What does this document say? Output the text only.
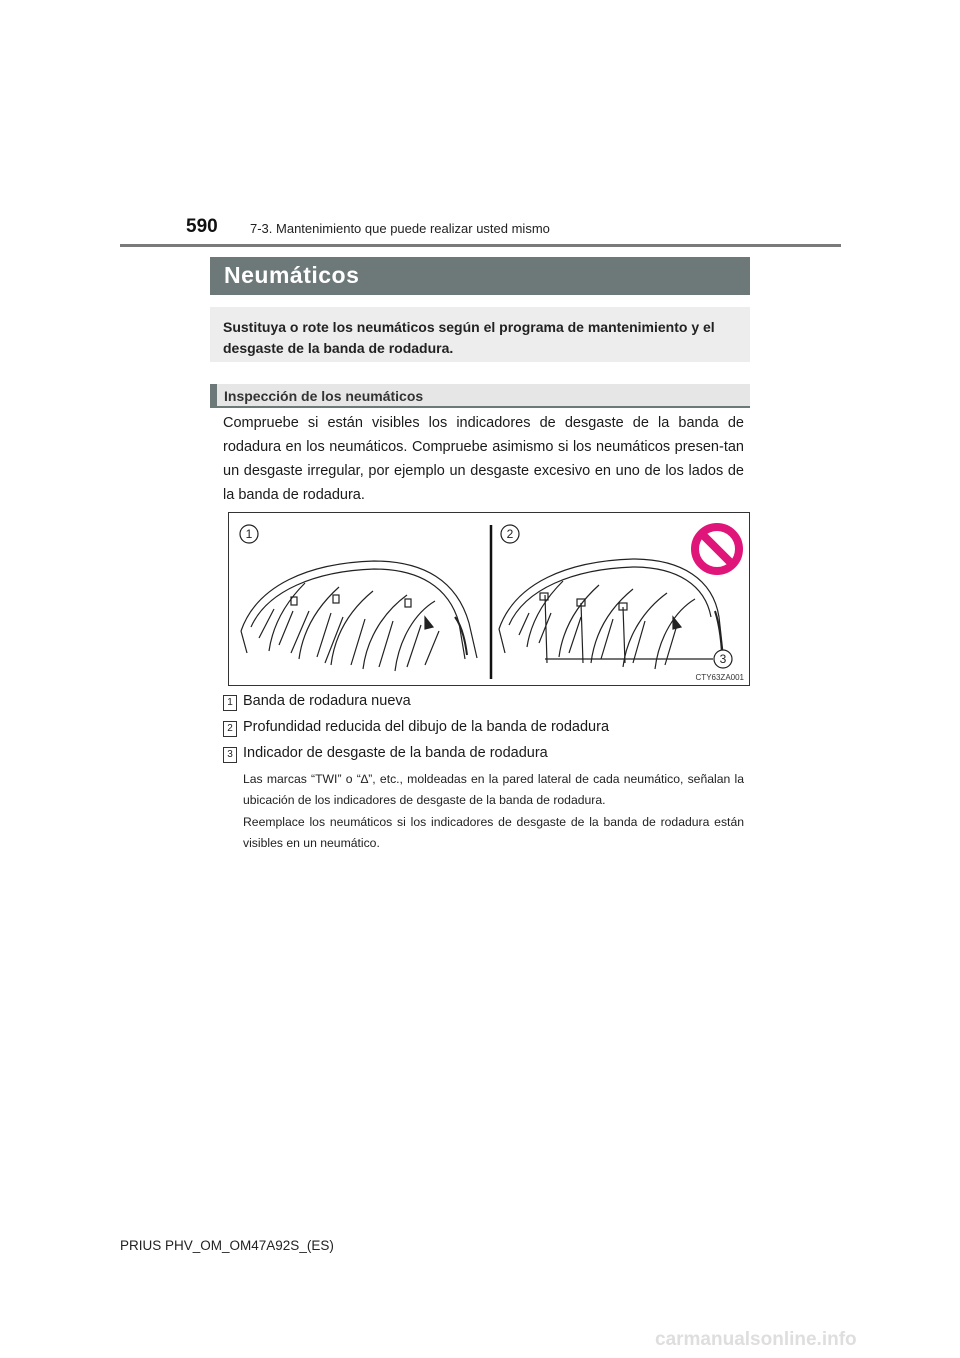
590 7-3. Mantenimiento que puede realizar usted mismo
Neumáticos

Sustituya o rote los neumáticos según el programa de mantenimiento y el desgaste de la banda de rodadura.

Inspección de los neumáticos

Compruebe si están visibles los indicadores de desgaste de la banda de rodadura en los neumáticos. Compruebe asimismo si los neumáticos presen-tan un desgaste irregular, por ejemplo un desgaste excesivo en uno de los lados de la banda de rodadura.

1	2
3
CTY63ZA001
1 Banda de rodadura nueva
2 Profundidad reducida del dibujo de la banda de rodadura
3 Indicador de desgaste de la banda de rodadura

Las marcas “TWI” o “∆”, etc., moldeadas en la pared lateral de cada neumático, señalan la ubicación de los indicadores de desgaste de la banda de rodadura.

Reemplace los neumáticos si los indicadores de desgaste de la banda de rodadura están visibles en un neumático.

PRIUS PHV_OM_OM47A92S_(ES)
carmanualsonline.info
